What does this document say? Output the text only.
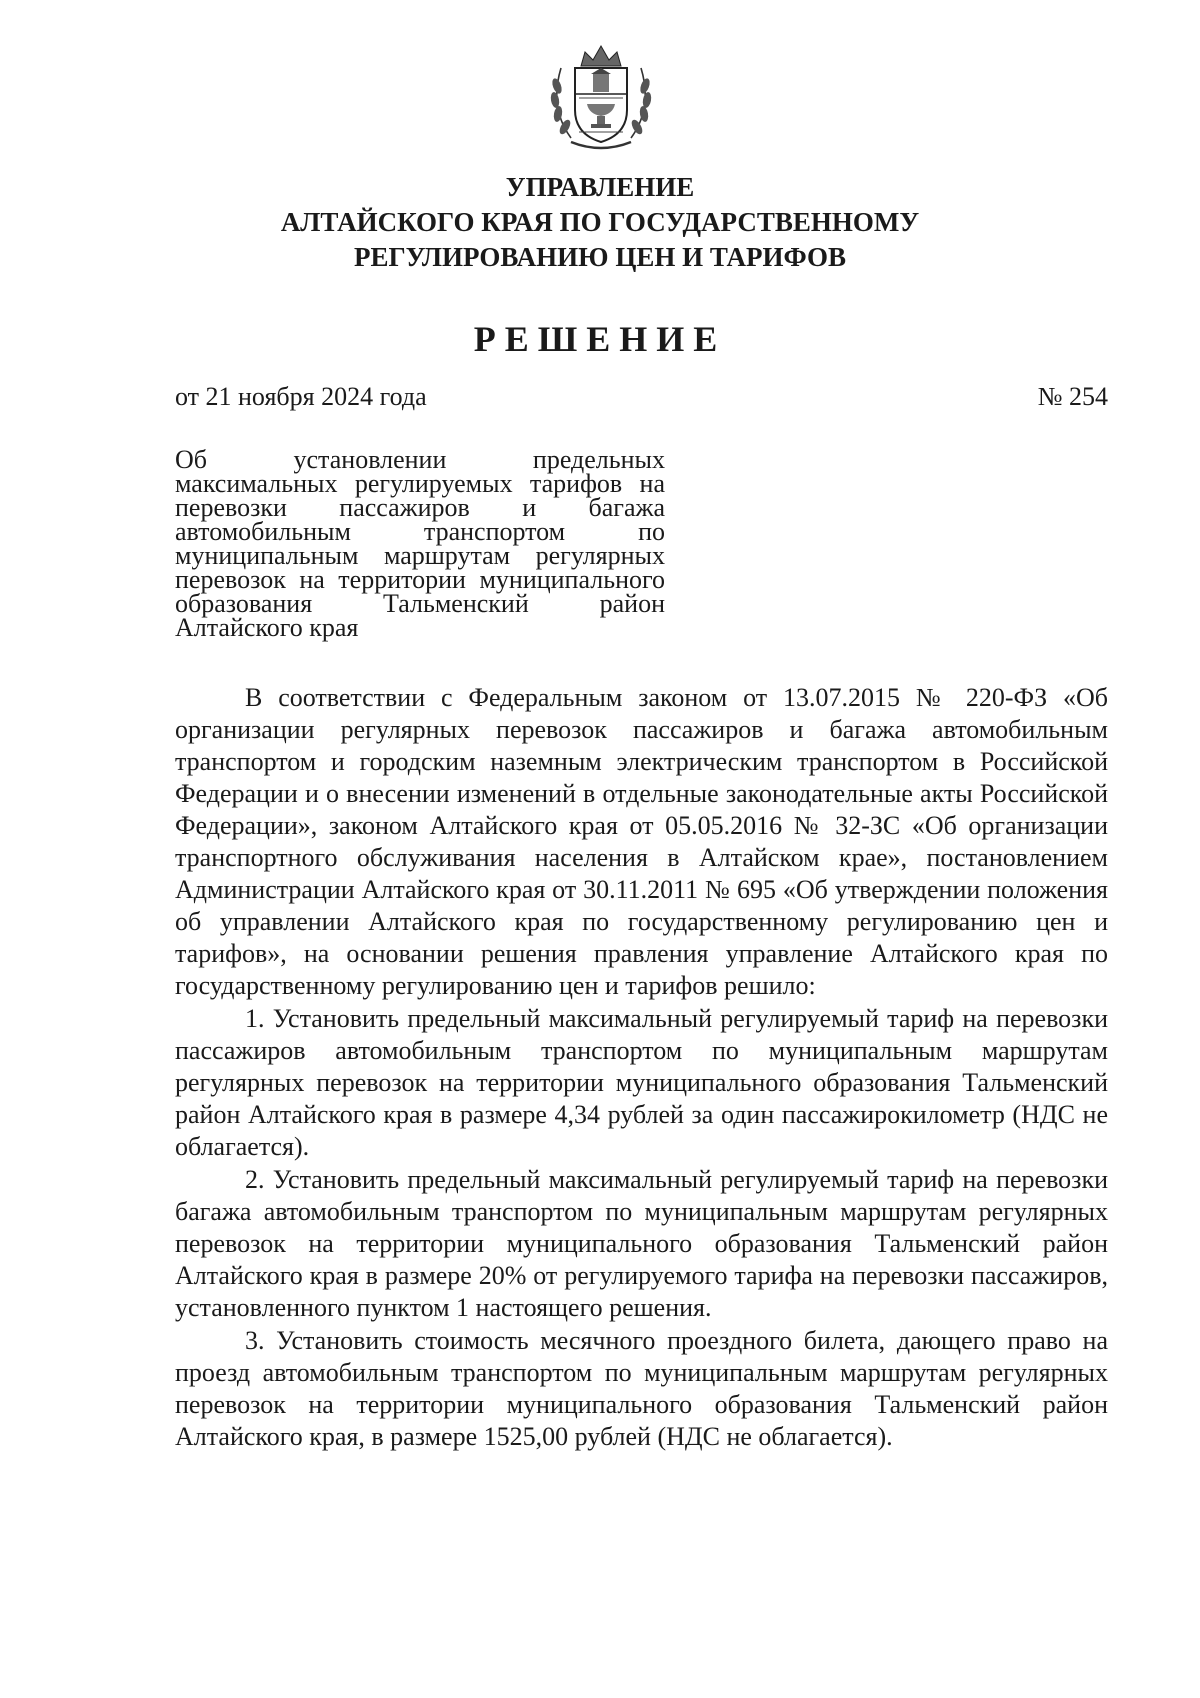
УПРАВЛЕНИЕ
АЛТАЙСКОГО КРАЯ ПО ГОСУДАРСТВЕННОМУ
РЕГУЛИРОВАНИЮ ЦЕН И ТАРИФОВ
РЕШЕНИЕ
от 21 ноября 2024 года	№ 254
Об установлении предельных максимальных регулируемых тарифов на перевозки пассажиров и багажа автомобильным транспортом по муниципальным маршрутам регулярных перевозок на территории муниципального образования Тальменский район Алтайского края

В соответствии с Федеральным законом от 13.07.2015 № 220-ФЗ «Об организации регулярных перевозок пассажиров и багажа автомобильным транспортом и городским наземным электрическим транспортом в Российской Федерации и о внесении изменений в отдельные законодательные акты Российской Федерации», законом Алтайского края от 05.05.2016 № 32-ЗС «Об организации транспортного обслуживания населения в Алтайском крае», постановлением Администрации Алтайского края от 30.11.2011 № 695 «Об утверждении положения об управлении Алтайского края по государственному регулированию цен и тарифов», на основании решения правления управление Алтайского края по государственному регулированию цен и тарифов решило:

1. Установить предельный максимальный регулируемый тариф на перевозки пассажиров автомобильным транспортом по муниципальным маршрутам регулярных перевозок на территории муниципального образования Тальменский район Алтайского края в размере 4,34 рублей за один пассажирокилометр (НДС не облагается).

2. Установить предельный максимальный регулируемый тариф на перевозки багажа автомобильным транспортом по муниципальным маршрутам регулярных перевозок на территории муниципального образования Тальменский район Алтайского края в размере 20% от регулируемого тарифа на перевозки пассажиров, установленного пунктом 1 настоящего решения.

3. Установить стоимость месячного проездного билета, дающего право на проезд автомобильным транспортом по муниципальным маршрутам регулярных перевозок на территории муниципального образования Тальменский район Алтайского края, в размере 1525,00 рублей (НДС не облагается).
